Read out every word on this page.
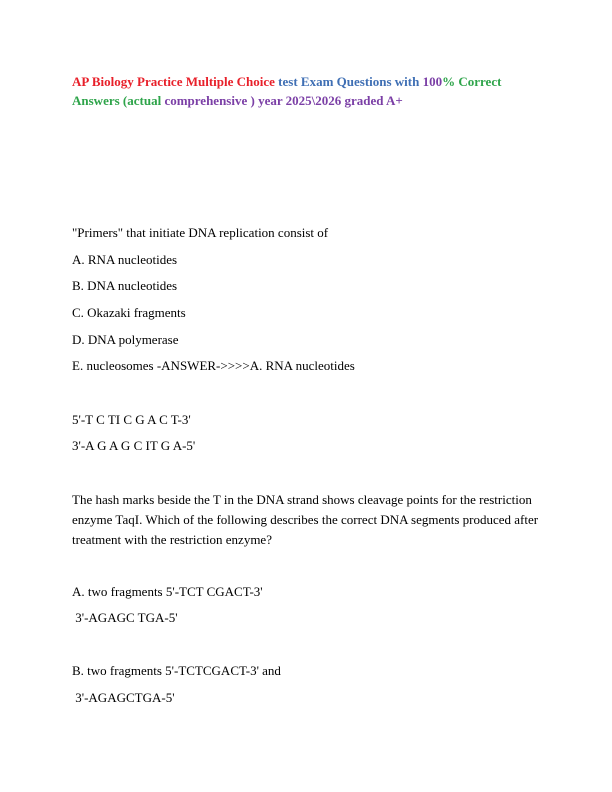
AP Biology Practice Multiple Choice test Exam Questions with 100% Correct
Answers (actual comprehensive ) year 2025\2026 graded A+
"Primers" that initiate DNA replication consist of
A. RNA nucleotides
B. DNA nucleotides
C. Okazaki fragments
D. DNA polymerase
E. nucleosomes -ANSWER->>>>A. RNA nucleotides
5'-T C TI C G A C T-3'
3'-A G A G C IT G A-5'
The hash marks beside the T in the DNA strand shows cleavage points for the restriction enzyme TaqI. Which of the following describes the correct DNA segments produced after treatment with the restriction enzyme?
A. two fragments 5'-TCT CGACT-3'
3'-AGAGC TGA-5'
B. two fragments 5'-TCTCGACT-3' and
3'-AGAGCTGA-5'
